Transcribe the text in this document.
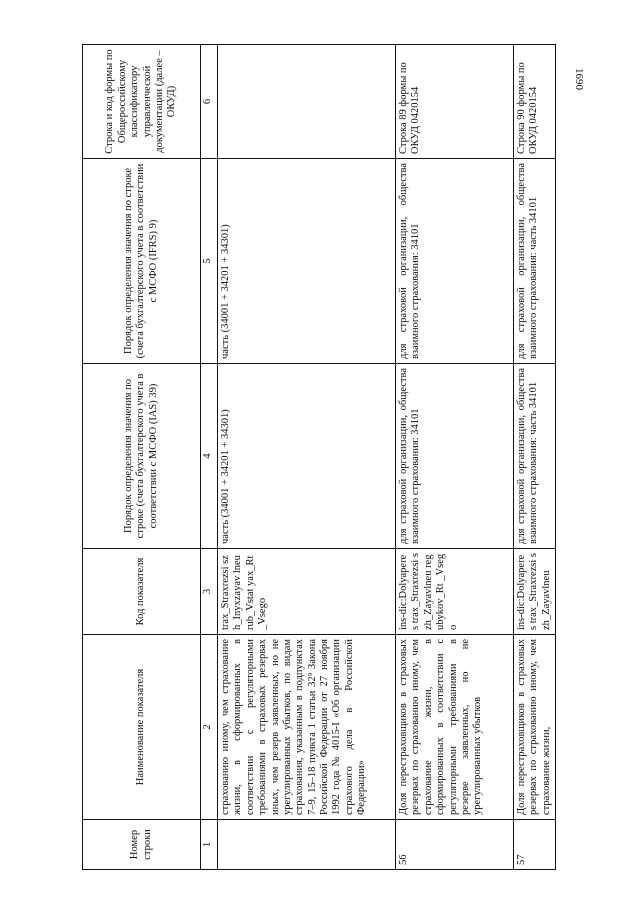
1690
Номер строки	Наименование показателя	Код показателя	Порядок определения значения по строке (счета бухгалтерского учета в соответствии с МСФО (IAS) 39)	Порядок определения значения по строке (счета бухгалтерского учета в соответствии с МСФО (IFRS) 9)	Строка и код формы по Общероссийскому классификатору управленческой документации (далее – ОКУД)
1	2	3	4	5	6
	страхованию иному, чем страхование жизни, в сформированных в соответствии с регуляторными требованиями в страховых резервах иных, чем резерв заявленных, но не урегулированных убытков, по видам страхования, указанным в подпунктах 7–9, 15–18 пункта 1 статьи 32⁹ Закона Российской Федерации от 27 ноября 1992 года № 4015-I «Об организации страхового дела в Российской Федерации»	trax_Straxrezsi szh_Inyxzayav lneurub_Vstat yax_Rt_Vsego	часть (34001 + 34201 + 34301)	часть (34001 + 34201 + 34301)	
56	Доля перестраховщиков в страховых резервах по страхованию иному, чем страхование жизни, в сформированных в соответствии с регуляторными требованиями в резерве заявленных, но не урегулированных убытков	ins-dic:Dolyaperes trax_Straxrezsi szh_Zayavlneu regubykov_Rt _Vsego	для страховой организации, общества взаимного страхования: 34101	для страховой организации, общества взаимного страхования: 34101	Строка 89 формы по ОКУД 0420154
57	Доля перестраховщиков в страховых резервах по страхованию иному, чем страхование жизни,	ins-dic:Dolyaperes trax_Straxrezsi szh_Zayavlneu	для страховой организации, общества взаимного страхования: часть 34101	для страховой организации, общества взаимного страхования: часть 34101	Строка 90 формы по ОКУД 0420154
